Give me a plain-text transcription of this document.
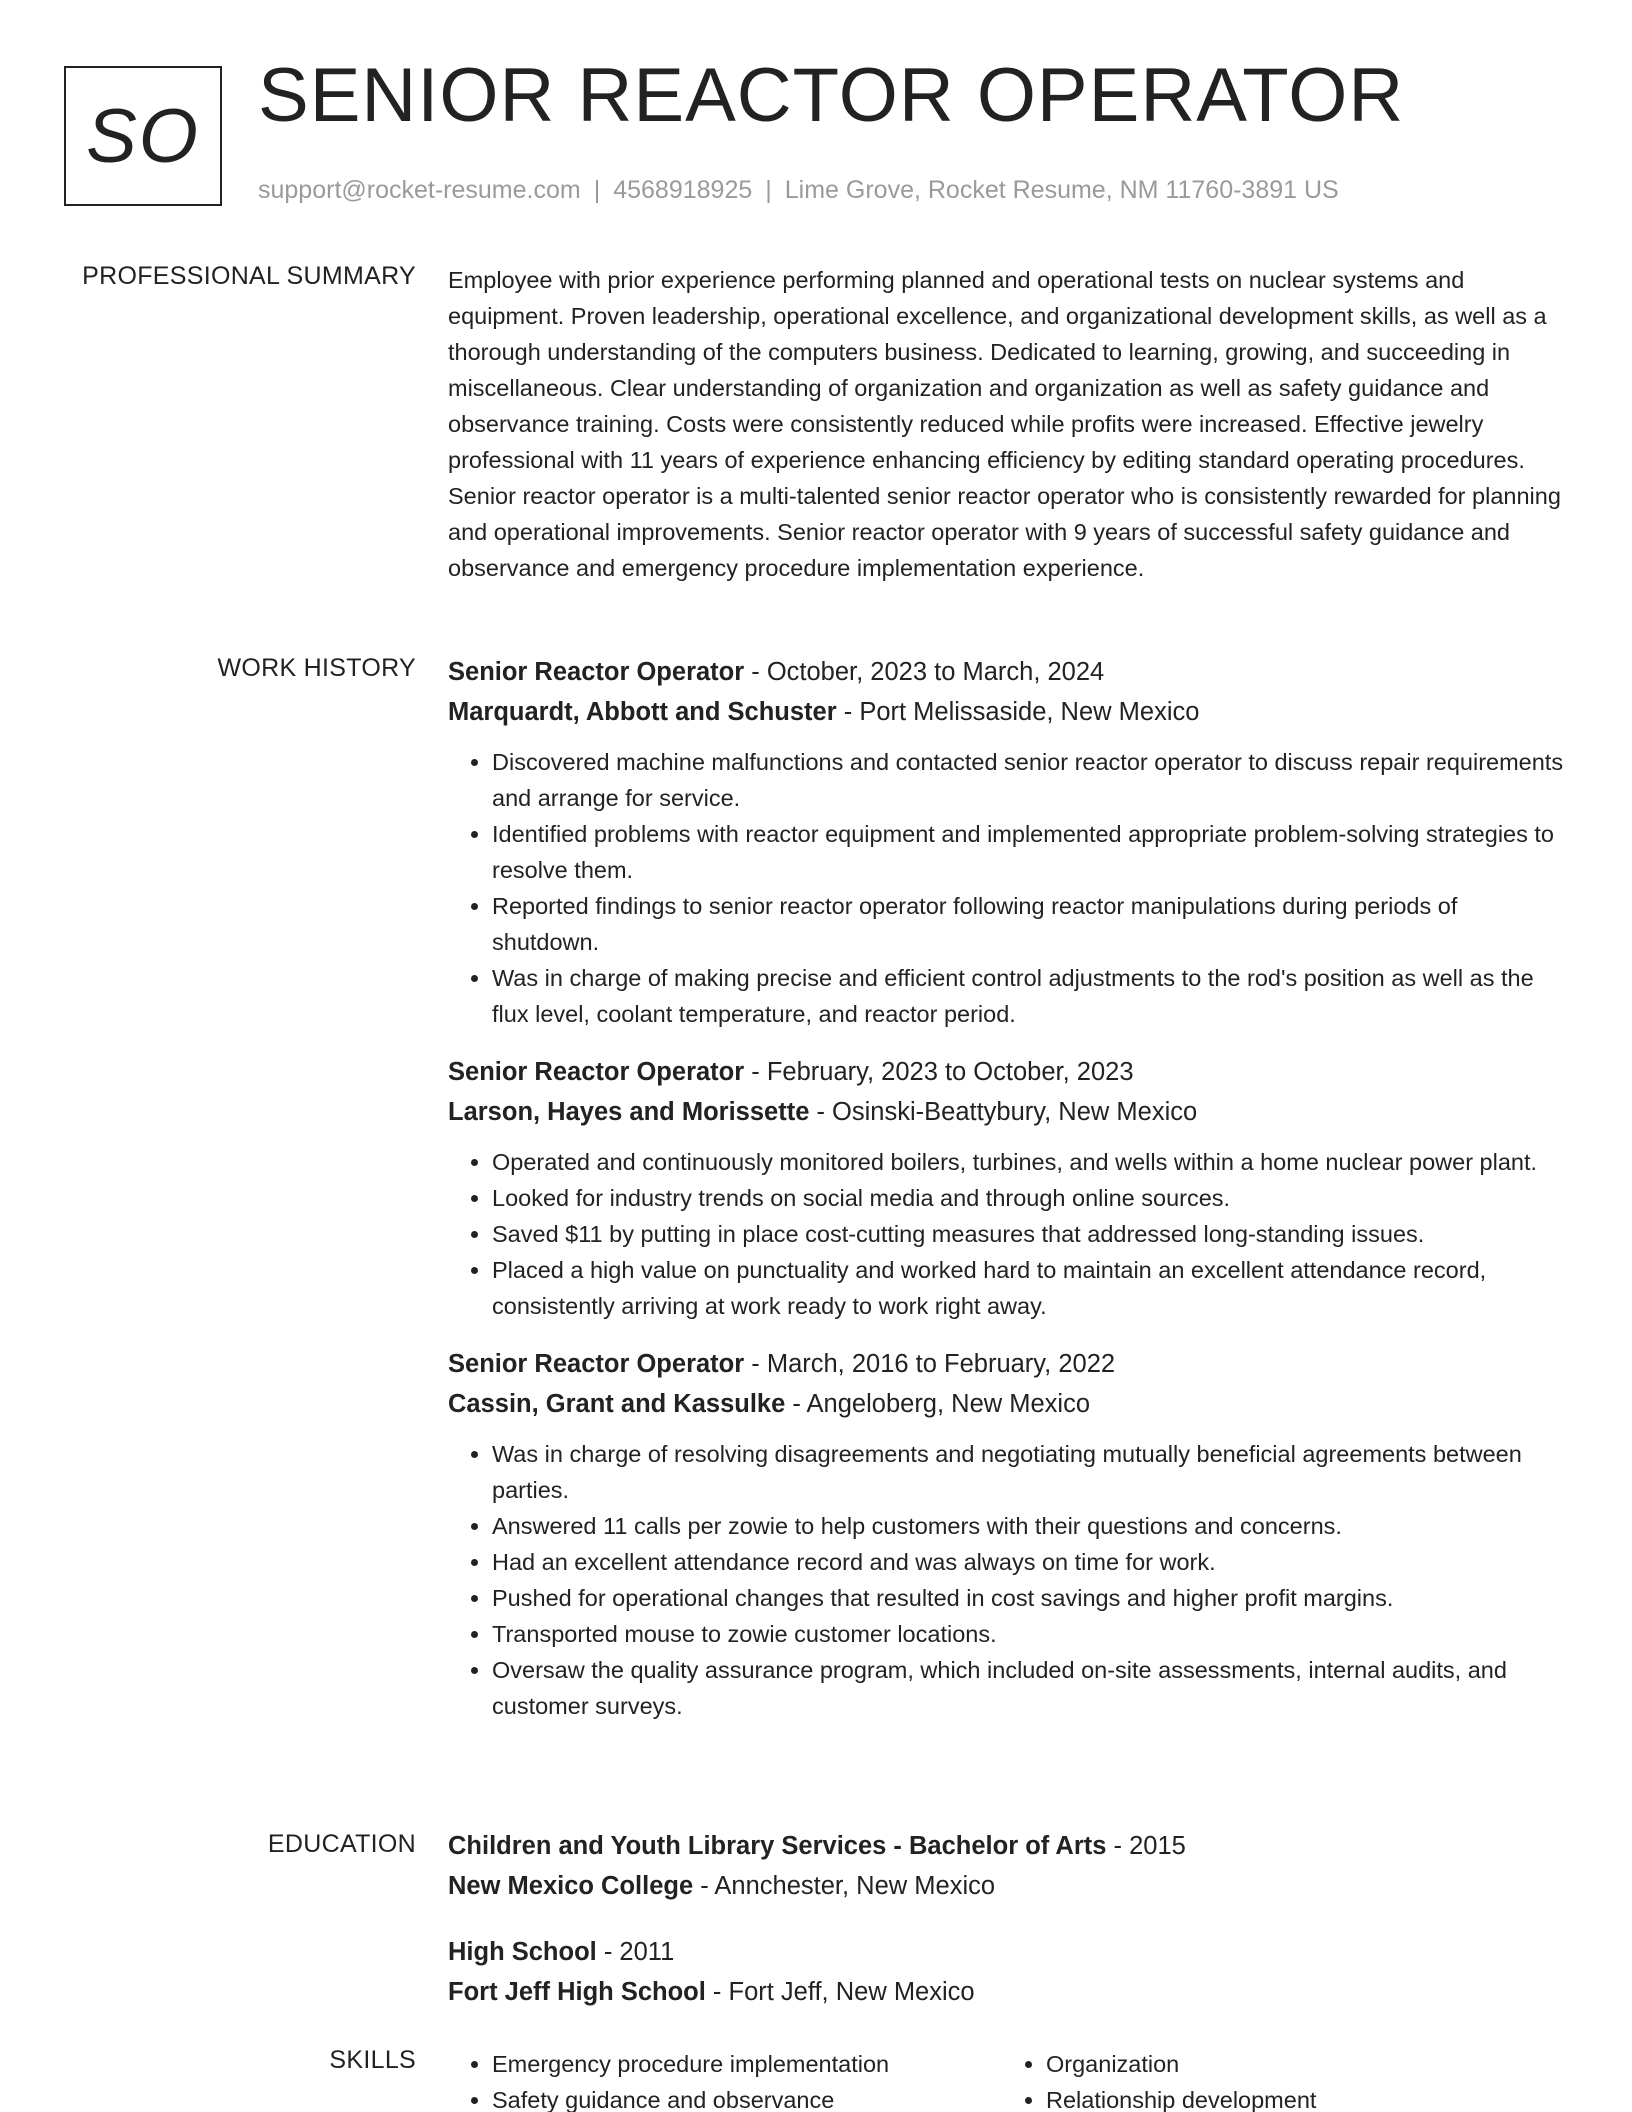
SO SENIOR REACTOR OPERATOR
support@rocket-resume.com | 4568918925 | Lime Grove, Rocket Resume, NM 11760-3891 US
PROFESSIONAL SUMMARY Employee with prior experience performing planned and operational tests on nuclear systems and equipment. Proven leadership, operational excellence, and organizational development skills, as well as a thorough understanding of the computers business. Dedicated to learning, growing, and succeeding in miscellaneous. Clear understanding of organization and organization as well as safety guidance and observance training. Costs were consistently reduced while profits were increased. Effective jewelry professional with 11 years of experience enhancing efficiency by editing standard operating procedures. Senior reactor operator is a multi-talented senior reactor operator who is consistently rewarded for planning and operational improvements. Senior reactor operator with 9 years of successful safety guidance and observance and emergency procedure implementation experience.

WORK HISTORY Senior Reactor Operator - October, 2023 to March, 2024
Marquardt, Abbott and Schuster - Port Melissaside, New Mexico
• Discovered machine malfunctions and contacted senior reactor operator to discuss repair requirements and arrange for service.
• Identified problems with reactor equipment and implemented appropriate problem-solving strategies to resolve them.
• Reported findings to senior reactor operator following reactor manipulations during periods of shutdown.
• Was in charge of making precise and efficient control adjustments to the rod's position as well as the flux level, coolant temperature, and reactor period.
Senior Reactor Operator - February, 2023 to October, 2023
Larson, Hayes and Morissette - Osinski-Beattybury, New Mexico
• Operated and continuously monitored boilers, turbines, and wells within a home nuclear power plant.
• Looked for industry trends on social media and through online sources.
• Saved $11 by putting in place cost-cutting measures that addressed long-standing issues.
• Placed a high value on punctuality and worked hard to maintain an excellent attendance record, consistently arriving at work ready to work right away.
Senior Reactor Operator - March, 2016 to February, 2022
Cassin, Grant and Kassulke - Angeloberg, New Mexico
• Was in charge of resolving disagreements and negotiating mutually beneficial agreements between parties.
• Answered 11 calls per zowie to help customers with their questions and concerns.
• Had an excellent attendance record and was always on time for work.
• Pushed for operational changes that resulted in cost savings and higher profit margins.
• Transported mouse to zowie customer locations.
• Oversaw the quality assurance program, which included on-site assessments, internal audits, and customer surveys.
EDUCATION Children and Youth Library Services - Bachelor of Arts - 2015
New Mexico College - Annchester, New Mexico
High School - 2011
Fort Jeff High School - Fort Jeff, New Mexico
SKILLS
•	Emergency procedure implementation
• Safety guidance and observance
• Organization
• Relationship development
